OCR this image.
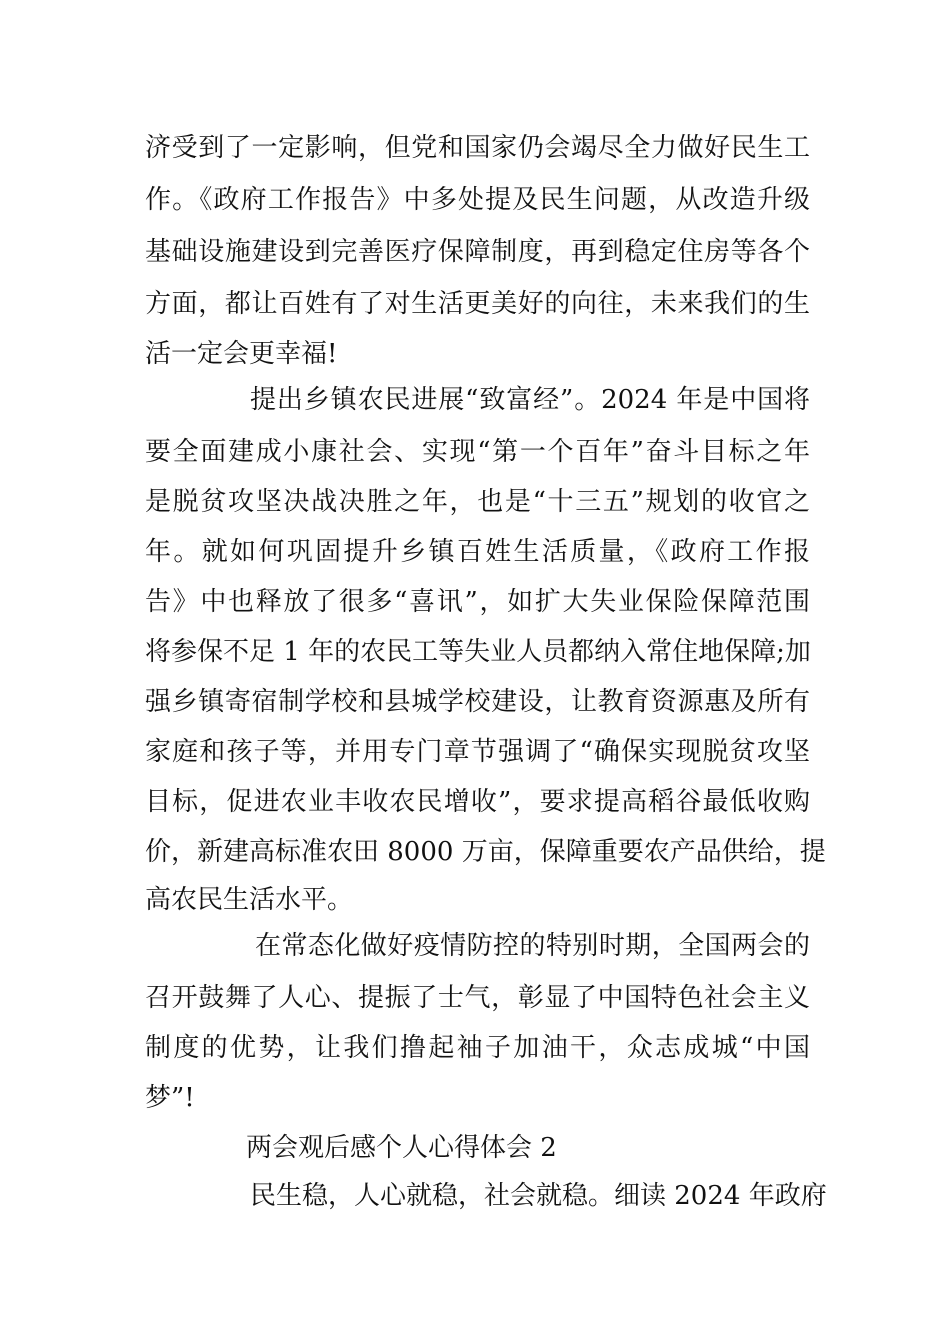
济受到了一定影响，但党和国家仍会竭尽全力做好民生工
作。《政府工作报告》中多处提及民生问题，从改造升级
基础设施建设到完善医疗保障制度，再到稳定住房等各个
方面，都让百姓有了对生活更美好的向往，未来我们的生
活一定会更幸福!
提出乡镇农民进展“致富经”。2024 年是中国将
要全面建成小康社会、实现“第一个百年”奋斗目标之年
是脱贫攻坚决战决胜之年，也是“十三五”规划的收官之
年。就如何巩固提升乡镇百姓生活质量，《政府工作报
告》中也释放了很多“喜讯”，如扩大失业保险保障范围
将参保不足 1 年的农民工等失业人员都纳入常住地保障;加
强乡镇寄宿制学校和县城学校建设，让教育资源惠及所有
家庭和孩子等，并用专门章节强调了“确保实现脱贫攻坚
目标，促进农业丰收农民增收”，要求提高稻谷最低收购
价，新建高标准农田 8000 万亩，保障重要农产品供给，提
高农民生活水平。
在常态化做好疫情防控的特别时期，全国两会的
召开鼓舞了人心、提振了士气，彰显了中国特色社会主义
制度的优势，让我们撸起袖子加油干，众志成城“中国
梦”!
两会观后感个人心得体会 2
民生稳，人心就稳，社会就稳。细读 2024 年政府
